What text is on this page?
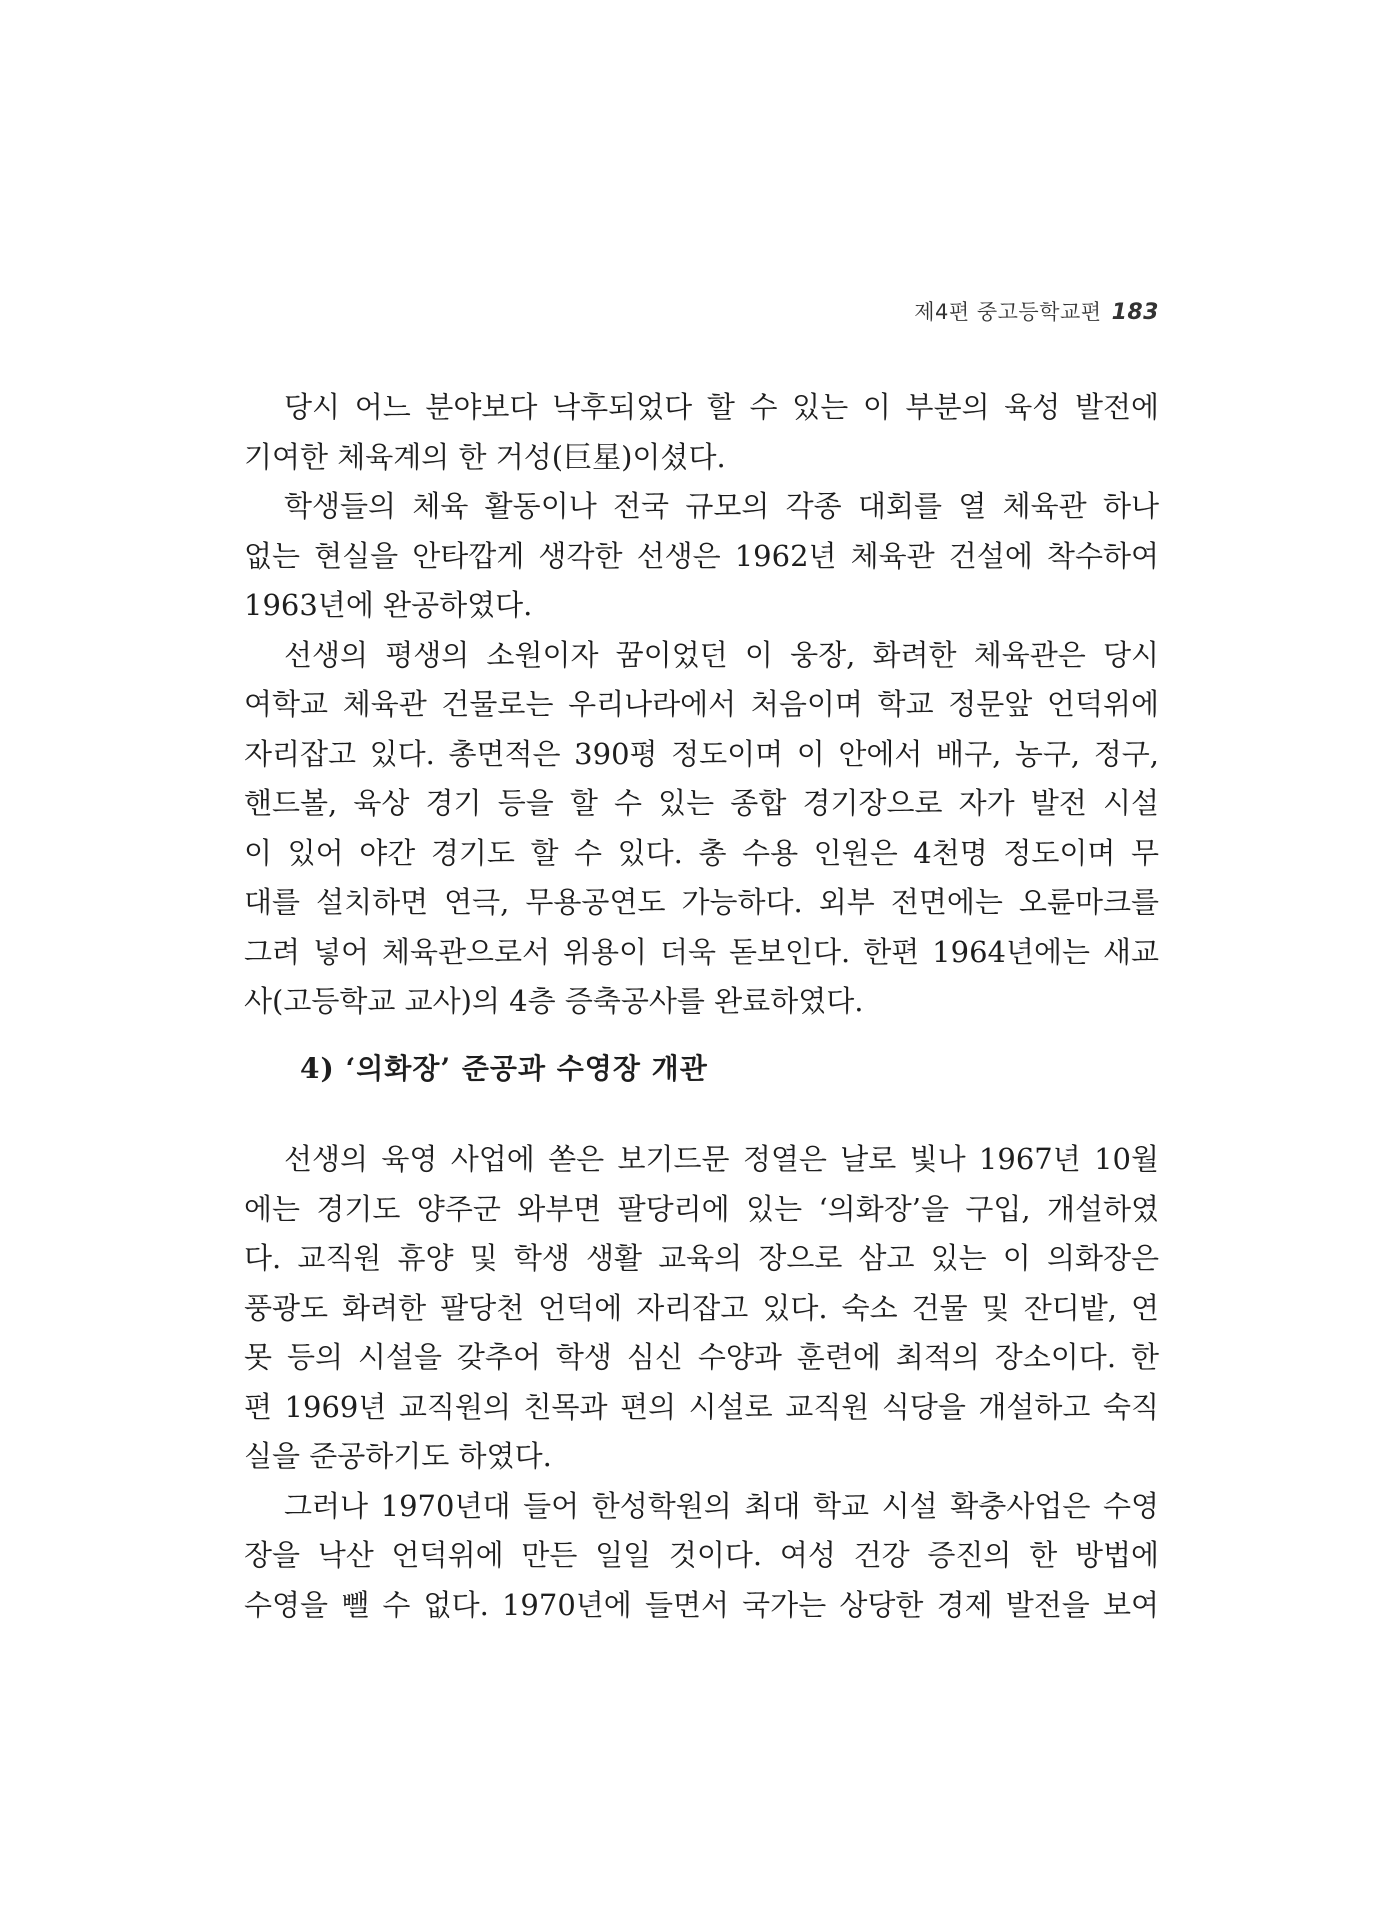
제4편 중고등학교편 183

당시 어느 분야보다 낙후되었다 할 수 있는 이 부분의 육성 발전에
기여한 체육계의 한 거성(巨星)이셨다.

학생들의 체육 활동이나 전국 규모의 각종 대회를 열 체육관 하나
없는 현실을 안타깝게 생각한 선생은 1962년 체육관 건설에 착수하여
1963년에 완공하였다.

선생의 평생의 소원이자 꿈이었던 이 웅장, 화려한 체육관은 당시
여학교 체육관 건물로는 우리나라에서 처음이며 학교 정문앞 언덕위에
자리잡고 있다. 총면적은 390평 정도이며 이 안에서 배구, 농구, 정구,
핸드볼, 육상 경기 등을 할 수 있는 종합 경기장으로 자가 발전 시설
이 있어 야간 경기도 할 수 있다. 총 수용 인원은 4천명 정도이며 무
대를 설치하면 연극, 무용공연도 가능하다. 외부 전면에는 오륜마크를
그려 넣어 체육관으로서 위용이 더욱 돋보인다. 한편 1964년에는 새교
사(고등학교 교사)의 4층 증축공사를 완료하였다.

4) ‘의화장’ 준공과 수영장 개관

선생의 육영 사업에 쏟은 보기드문 정열은 날로 빛나 1967년 10월
에는 경기도 양주군 와부면 팔당리에 있는 ‘의화장’을 구입, 개설하였
다. 교직원 휴양 및 학생 생활 교육의 장으로 삼고 있는 이 의화장은
풍광도 화려한 팔당천 언덕에 자리잡고 있다. 숙소 건물 및 잔디밭, 연
못 등의 시설을 갖추어 학생 심신 수양과 훈련에 최적의 장소이다. 한
편 1969년 교직원의 친목과 편의 시설로 교직원 식당을 개설하고 숙직
실을 준공하기도 하였다.

그러나 1970년대 들어 한성학원의 최대 학교 시설 확충사업은 수영
장을 낙산 언덕위에 만든 일일 것이다. 여성 건강 증진의 한 방법에
수영을 뺄 수 없다. 1970년에 들면서 국가는 상당한 경제 발전을 보여
